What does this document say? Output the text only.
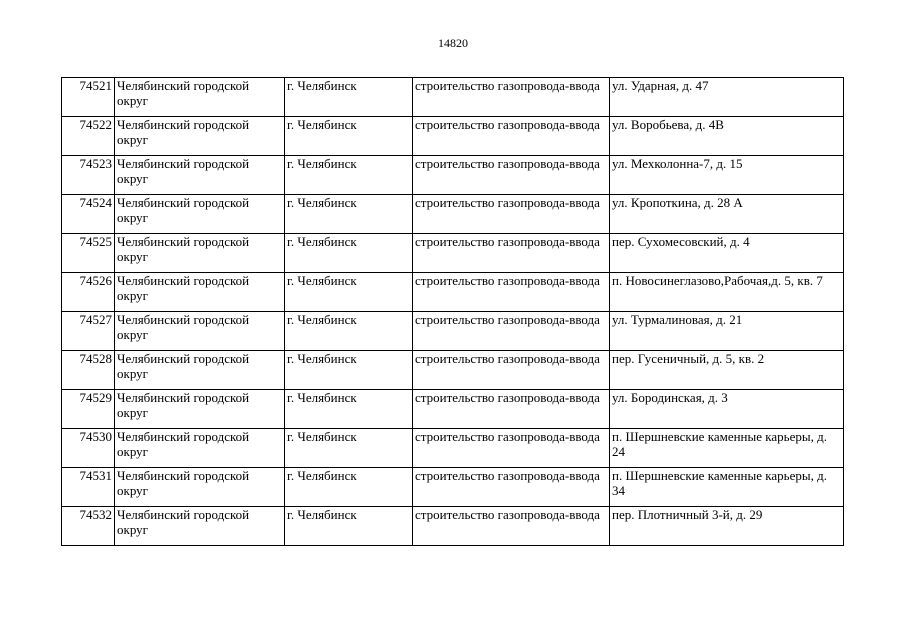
14820
74521	Челябинский городской округ	г. Челябинск	строительство газопровода-ввода	ул. Ударная, д. 47
74522	Челябинский городской округ	г. Челябинск	строительство газопровода-ввода	ул. Воробьева, д. 4В
74523	Челябинский городской округ	г. Челябинск	строительство газопровода-ввода	ул. Мехколонна-7, д. 15
74524	Челябинский городской округ	г. Челябинск	строительство газопровода-ввода	ул. Кропоткина, д. 28 А
74525	Челябинский городской округ	г. Челябинск	строительство газопровода-ввода	пер. Сухомесовский, д. 4
74526	Челябинский городской округ	г. Челябинск	строительство газопровода-ввода	п. Новосинеглазово,Рабочая,д. 5, кв. 7
74527	Челябинский городской округ	г. Челябинск	строительство газопровода-ввода	ул. Турмалиновая, д. 21
74528	Челябинский городской округ	г. Челябинск	строительство газопровода-ввода	пер. Гусеничный, д. 5, кв. 2
74529	Челябинский городской округ	г. Челябинск	строительство газопровода-ввода	ул. Бородинская, д. 3
74530	Челябинский городской округ	г. Челябинск	строительство газопровода-ввода	п. Шершневские каменные карьеры, д. 24
74531	Челябинский городской округ	г. Челябинск	строительство газопровода-ввода	п. Шершневские каменные карьеры, д. 34
74532	Челябинский городской округ	г. Челябинск	строительство газопровода-ввода	пер. Плотничный 3-й, д. 29
